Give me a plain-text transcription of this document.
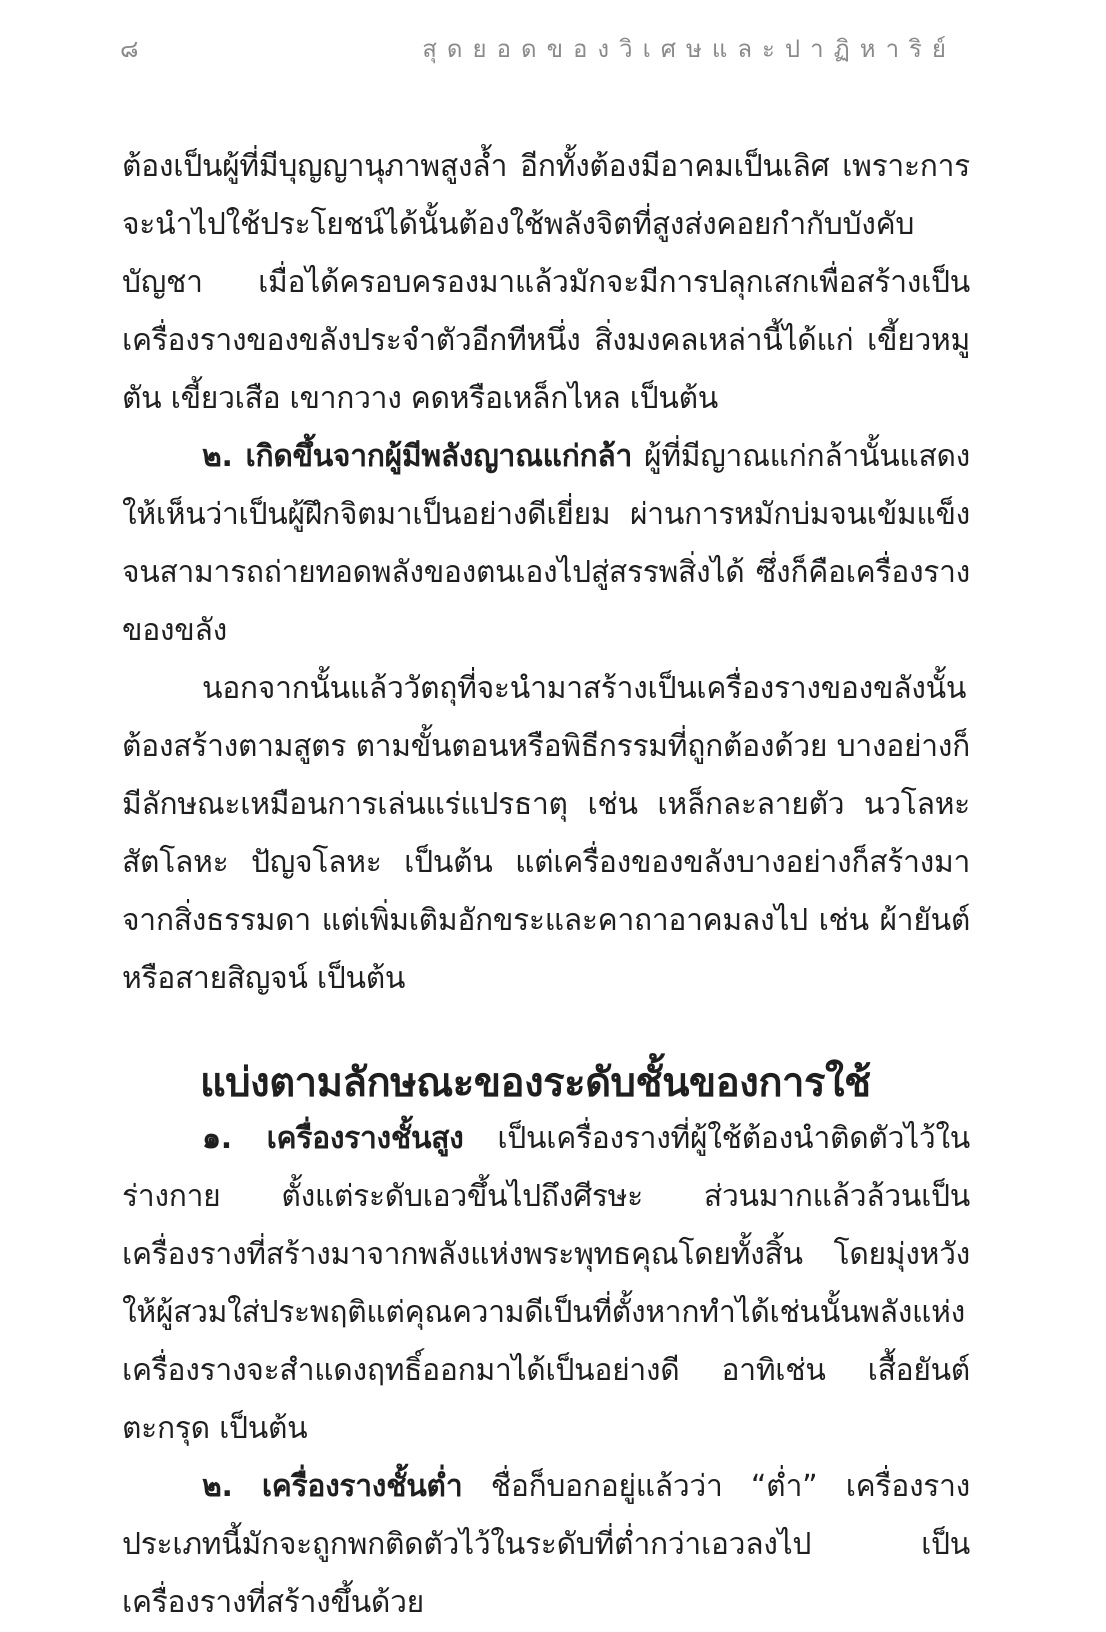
๘	สุดยอดของวิเศษและปาฏิหาริย์

ต้องเป็นผู้ที่มีบุญญานุภาพสูงล้ำ อีกทั้งต้องมีอาคมเป็นเลิศ เพราะการจะนำไปใช้ประโยชน์ได้นั้นต้องใช้พลังจิตที่สูงส่งคอยกำกับบังคับบัญชา เมื่อได้ครอบครองมาแล้วมักจะมีการปลุกเสกเพื่อสร้างเป็นเครื่องรางของขลังประจำตัวอีกทีหนึ่ง สิ่งมงคลเหล่านี้ได้แก่ เขี้ยวหมูตัน เขี้ยวเสือ เขากวาง คดหรือเหล็กไหล เป็นต้น

๒. เกิดขึ้นจากผู้มีพลังญาณแก่กล้า ผู้ที่มีญาณแก่กล้านั้นแสดงให้เห็นว่าเป็นผู้ฝึกจิตมาเป็นอย่างดีเยี่ยม ผ่านการหมักบ่มจนเข้มแข็ง จนสามารถถ่ายทอดพลังของตนเองไปสู่สรรพสิ่งได้ ซึ่งก็คือเครื่องรางของขลัง

นอกจากนั้นแล้ววัตถุที่จะนำมาสร้างเป็นเครื่องรางของขลังนั้นต้องสร้างตามสูตร ตามขั้นตอนหรือพิธีกรรมที่ถูกต้องด้วย บางอย่างก็มีลักษณะเหมือนการเล่นแร่แปรธาตุ เช่น เหล็กละลายตัว นวโลหะ สัตโลหะ ปัญจโลหะ เป็นต้น แต่เครื่องของขลังบางอย่างก็สร้างมาจากสิ่งธรรมดา แต่เพิ่มเติมอักขระและคาถาอาคมลงไป เช่น ผ้ายันต์หรือสายสิญจน์ เป็นต้น

แบ่งตามลักษณะของระดับชั้นของการใช้

๑. เครื่องรางชั้นสูง เป็นเครื่องรางที่ผู้ใช้ต้องนำติดตัวไว้ในร่างกาย ตั้งแต่ระดับเอวขึ้นไปถึงศีรษะ ส่วนมากแล้วล้วนเป็นเครื่องรางที่สร้างมาจากพลังแห่งพระพุทธคุณโดยทั้งสิ้น โดยมุ่งหวังให้ผู้สวมใส่ประพฤติแต่คุณความดีเป็นที่ตั้งหากทำได้เช่นนั้นพลังแห่งเครื่องรางจะสำแดงฤทธิ์ออกมาได้เป็นอย่างดี อาทิเช่น เสื้อยันต์ ตะกรุด เป็นต้น

๒. เครื่องรางชั้นต่ำ ชื่อก็บอกอยู่แล้วว่า “ต่ำ” เครื่องรางประเภทนี้มักจะถูกพกติดตัวไว้ในระดับที่ต่ำกว่าเอวลงไป เป็นเครื่องรางที่สร้างขึ้นด้วย
